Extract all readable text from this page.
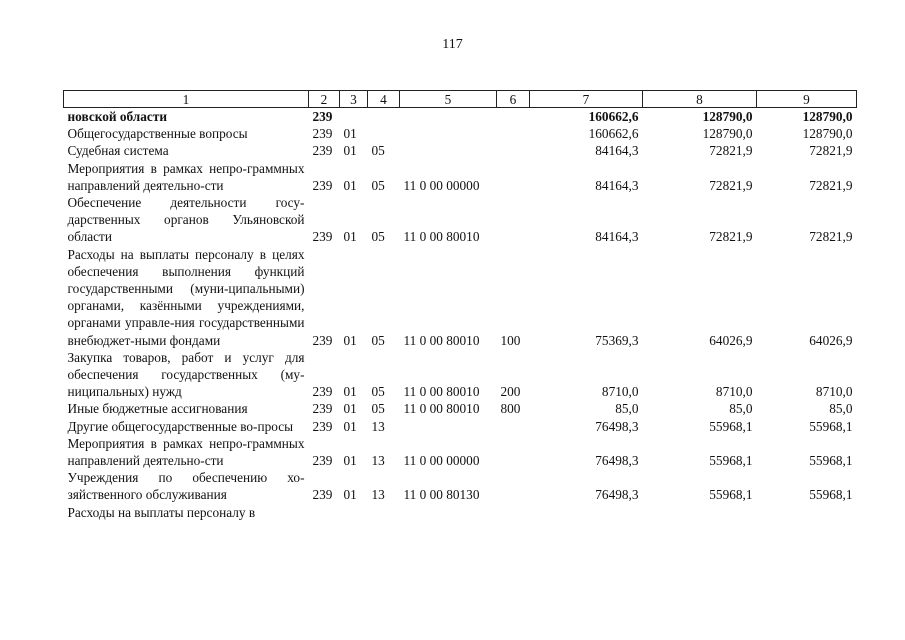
117
1	2	3	4	5	6	7	8	9
новской области	239					160662,6	128790,0	128790,0
Общегосударственные вопросы	239	01				160662,6	128790,0	128790,0
Судебная система	239	01	05			84164,3	72821,9	72821,9
Мероприятия в рамках непро-граммных направлений деятельно-сти	239	01	05	11 0 00 00000		84164,3	72821,9	72821,9
Обеспечение деятельности госу-дарственных органов Ульяновской области	239	01	05	11 0 00 80010		84164,3	72821,9	72821,9
Расходы на выплаты персоналу в целях обеспечения выполнения функций государственными (муни-ципальными) органами, казёнными учреждениями, органами управле-ния государственными внебюджет-ными фондами	239	01	05	11 0 00 80010	100	75369,3	64026,9	64026,9
Закупка товаров, работ и услуг для обеспечения государственных (му-ниципальных) нужд	239	01	05	11 0 00 80010	200	8710,0	8710,0	8710,0
Иные бюджетные ассигнования	239	01	05	11 0 00 80010	800	85,0	85,0	85,0
Другие общегосударственные во-просы	239	01	13			76498,3	55968,1	55968,1
Мероприятия в рамках непро-граммных направлений деятельно-сти	239	01	13	11 0 00 00000		76498,3	55968,1	55968,1
Учреждения по обеспечению хо-зяйственного обслуживания	239	01	13	11 0 00 80130		76498,3	55968,1	55968,1
Расходы на выплаты персоналу в								
